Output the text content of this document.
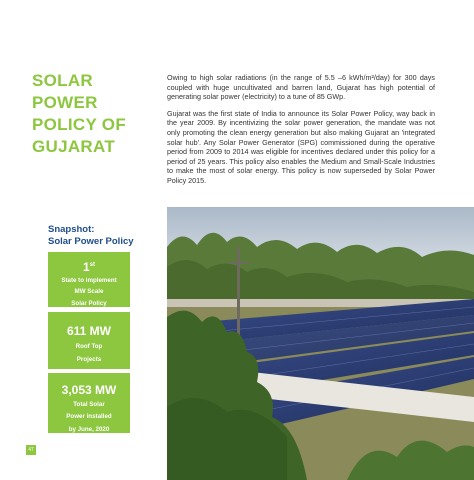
SOLAR POWER
POLICY OF
GUJARAT

Owing to high solar radiations (in the range of 5.5 –6 kWh/m²/day) for 300 days coupled with huge uncultivated and barren land, Gujarat has high potential of generating solar power (electricity) to a tune of 85 GWp.

Gujarat was the first state of India to announce its Solar Power Policy, way back in the year 2009. By incentivizing the solar power generation, the mandate was not only promoting the clean energy generation but also making Gujarat an 'integrated solar hub'. Any Solar Power Generator (SPG) commissioned during the operative period from 2009 to 2014 was eligible for incentives declared under this policy for a period of 25 years. This policy also enables the Medium and Small-Scale Industries to make the most of solar energy. This policy is now superseded by Solar Power Policy 2015.

Snapshot:
Solar Power Policy
1st
State to implement
MW Scale
Solar Policy
611 MW
Roof Top
Projects
3,053 MW
Total Solar
Power installed
by June, 2020
47
